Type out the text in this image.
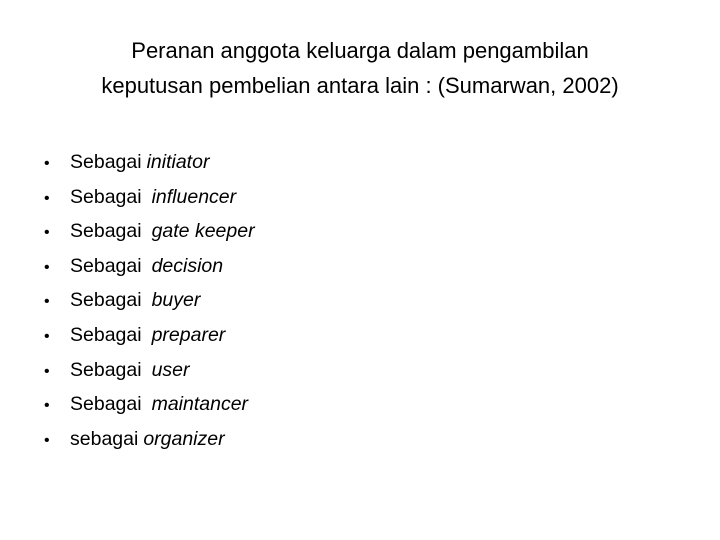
Peranan anggota keluarga dalam pengambilan
keputusan pembelian antara lain : (Sumarwan, 2002)
•	Sebagai initiator
•	Sebagai influencer
•	Sebagai gate keeper
•	Sebagai decision
•	Sebagai buyer
•	Sebagai preparer
•	Sebagai user
•	Sebagai maintancer
•	sebagai organizer
